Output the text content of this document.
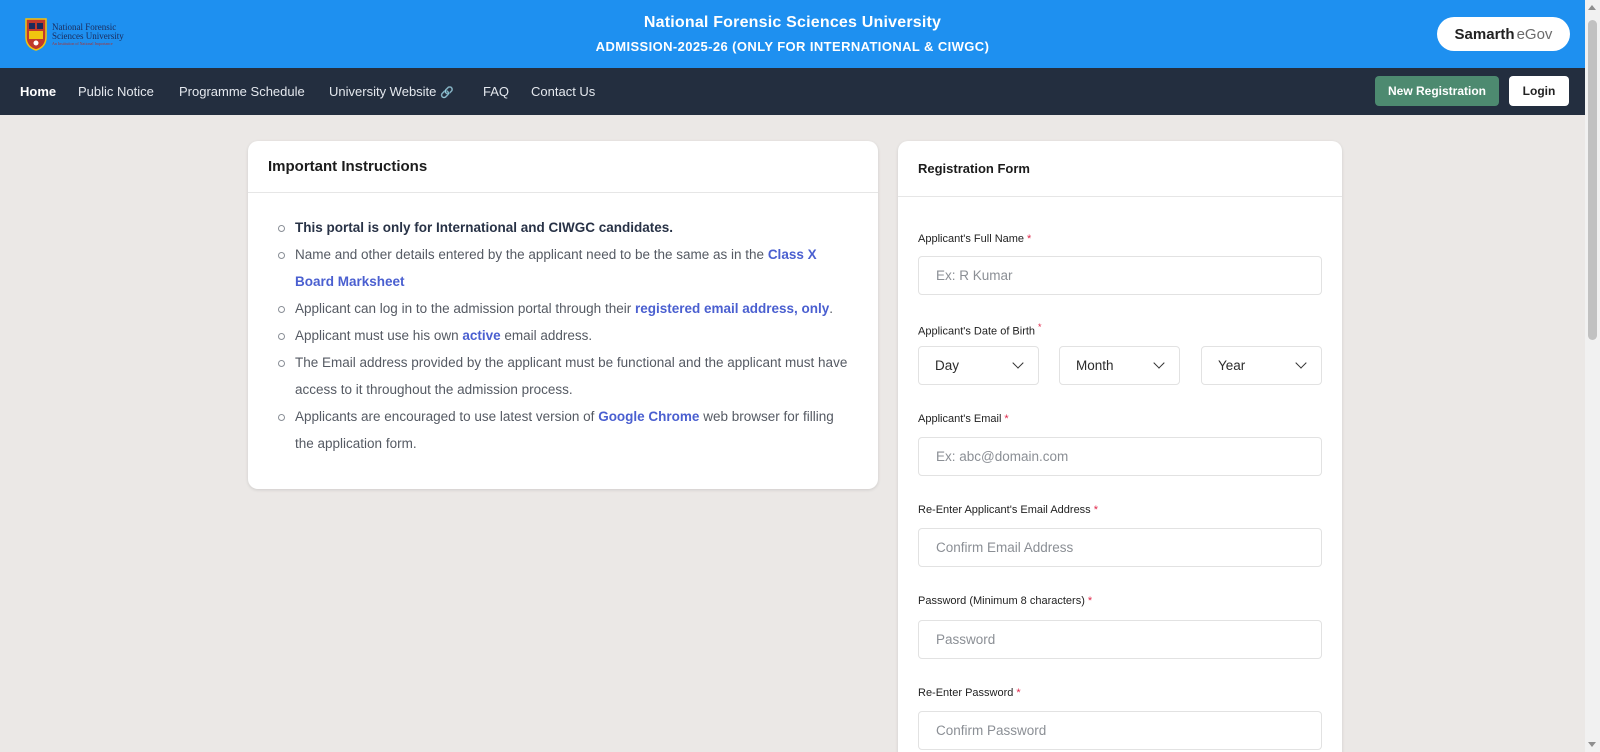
National Forensic
Sciences University
An Institution of National Importance
National Forensic Sciences University
ADMISSION-2025-26 (ONLY FOR INTERNATIONAL & CIWGC)
Samarth eGov
Home Public Notice Programme Schedule University Website 🔗 FAQ Contact Us	New Registration	Login
Important Instructions
This portal is only for International and CIWGC candidates.
Name and other details entered by the applicant need to be the same as in the Class X Board Marksheet
Applicant can log in to the admission portal through their registered email address, only.
Applicant must use his own active email address.
The Email address provided by the applicant must be functional and the applicant must have access to it throughout the admission process.
Applicants are encouraged to use latest version of Google Chrome web browser for filling the application form.
Registration Form
Applicant's Full Name *
Ex: R Kumar
Applicant's Date of Birth *
Day	Month	Year
Applicant's Email *
Ex: abc@domain.com
Re-Enter Applicant's Email Address *
Confirm Email Address
Password (Minimum 8 characters) *
Password
Re-Enter Password *
Confirm Password
